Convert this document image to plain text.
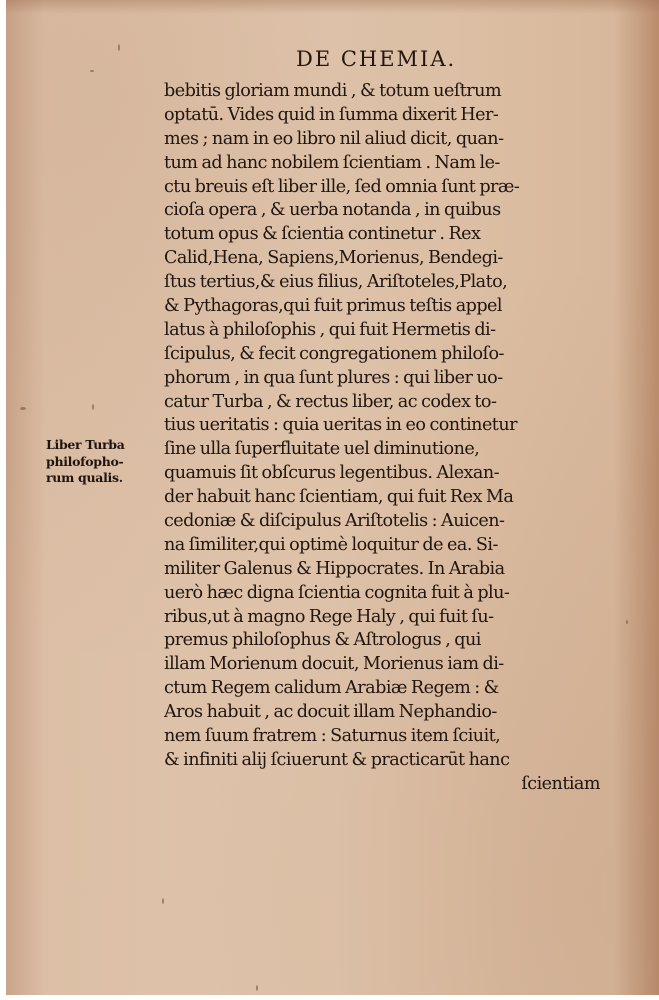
DE CHEMIA.
Liber Turba
philofopho-
rum qualis.
bebitis gloriam mundi , & totum ueſtrum
optatū. Vides quid in ſumma dixerit Her-
mes ; nam in eo libro nil aliud dicit, quan-
tum ad hanc nobilem ſcientiam . Nam le-
ctu breuis eſt liber ille, ſed omnia ſunt præ-
cioſa opera , & uerba notanda , in quibus
totum opus & ſcientia continetur . Rex
Calid,Hena, Sapiens,Morienus, Bendegi-
ſtus tertius,& eius filius, Ariſtoteles,Plato,
& Pythagoras,qui fuit primus teſtis appel
latus à philoſophis , qui fuit Hermetis di-
ſcipulus, & fecit congregationem philoſo-
phorum , in qua ſunt plures : qui liber uo-
catur Turba , & rectus liber, ac codex to-
tius ueritatis : quia ueritas in eo continetur
ſine ulla ſuperfluitate uel diminutione,
quamuis ſit obſcurus legentibus. Alexan-
der habuit hanc ſcientiam, qui fuit Rex Ma
cedoniæ & diſcipulus Ariſtotelis : Auicen-
na ſimiliter,qui optimè loquitur de ea. Si-
militer Galenus & Hippocrates. In Arabia
uerò hæc digna ſcientia cognita fuit à plu-
ribus,ut à magno Rege Haly , qui fuit ſu-
premus philoſophus & Aſtrologus , qui
illam Morienum docuit, Morienus iam di-
ctum Regem calidum Arabiæ Regem : &
Aros habuit , ac docuit illam Nephandio-
nem ſuum fratrem : Saturnus item ſciuit,
& infiniti alij ſciuerunt & practicarūt hanc
ſcientiam
